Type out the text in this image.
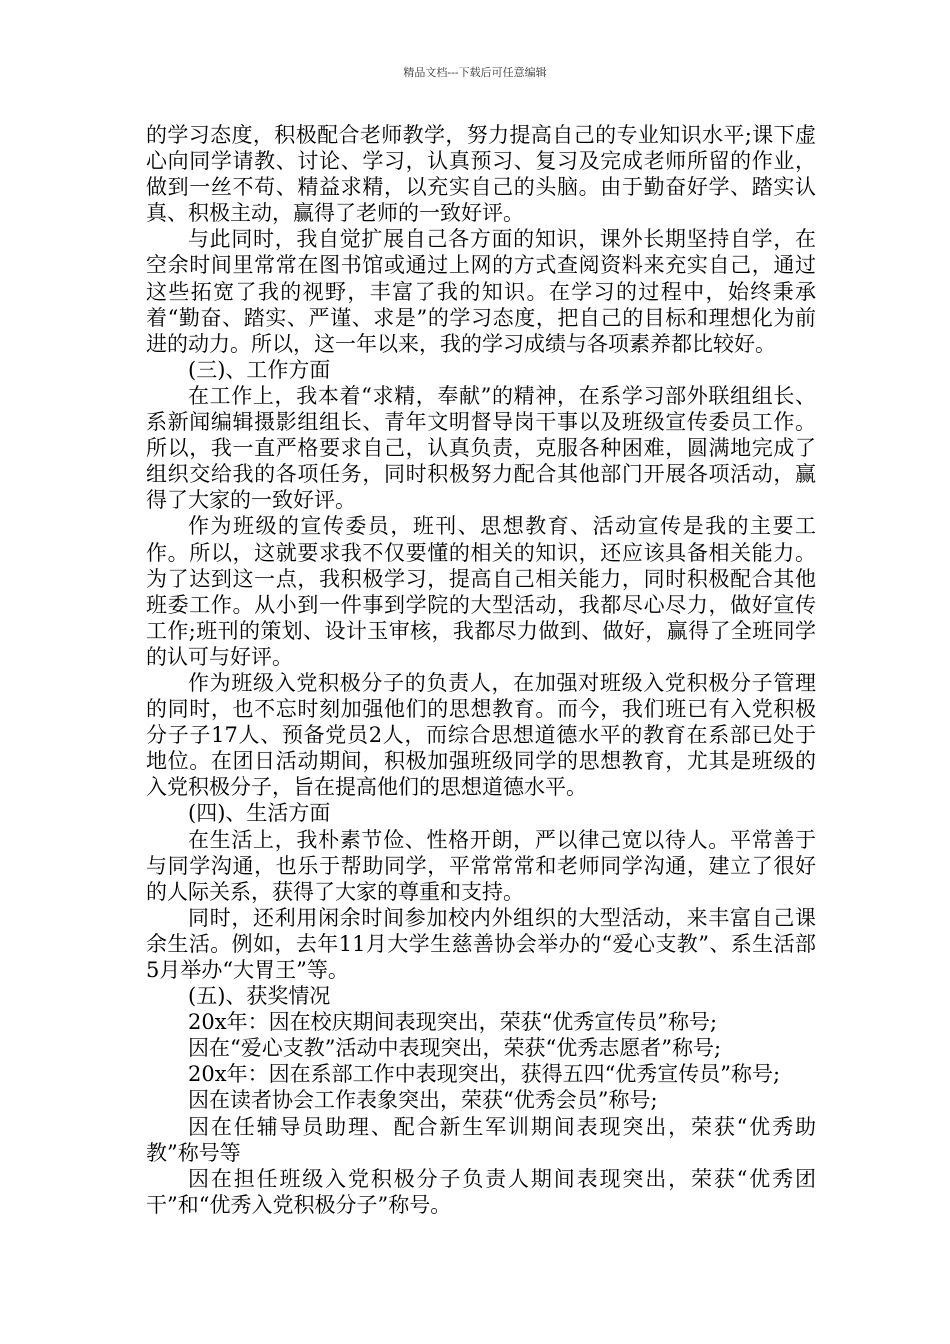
精品文档---下载后可任意编辑

的学习态度，积极配合老师教学，努力提高自己的专业知识水平;课下虚心向同学请教、讨论、学习，认真预习、复习及完成老师所留的作业，做到一丝不苟、精益求精，以充实自己的头脑。由于勤奋好学、踏实认真、积极主动，赢得了老师的一致好评。

与此同时，我自觉扩展自己各方面的知识，课外长期坚持自学，在空余时间里常常在图书馆或通过上网的方式查阅资料来充实自己，通过这些拓宽了我的视野，丰富了我的知识。在学习的过程中，始终秉承着“勤奋、踏实、严谨、求是”的学习态度，把自己的目标和理想化为前进的动力。所以，这一年以来，我的学习成绩与各项素养都比较好。

(三)、工作方面

在工作上，我本着“求精，奉献”的精神，在系学习部外联组组长、系新闻编辑摄影组组长、青年文明督导岗干事以及班级宣传委员工作。所以，我一直严格要求自己，认真负责，克服各种困难，圆满地完成了组织交给我的各项任务，同时积极努力配合其他部门开展各项活动，赢得了大家的一致好评。

作为班级的宣传委员，班刊、思想教育、活动宣传是我的主要工作。所以，这就要求我不仅要懂的相关的知识，还应该具备相关能力。为了达到这一点，我积极学习，提高自己相关能力，同时积极配合其他班委工作。从小到一件事到学院的大型活动，我都尽心尽力，做好宣传工作;班刊的策划、设计玉审核，我都尽力做到、做好，赢得了全班同学的认可与好评。

作为班级入党积极分子的负责人，在加强对班级入党积极分子管理的同时，也不忘时刻加强他们的思想教育。而今，我们班已有入党积极分子子17人、预备党员2人，而综合思想道德水平的教育在系部已处于地位。在团日活动期间，积极加强班级同学的思想教育，尤其是班级的入党积极分子，旨在提高他们的思想道德水平。

(四)、生活方面

在生活上，我朴素节俭、性格开朗，严以律己宽以待人。平常善于与同学沟通，也乐于帮助同学，平常常常和老师同学沟通，建立了很好的人际关系，获得了大家的尊重和支持。

同时，还利用闲余时间参加校内外组织的大型活动，来丰富自己课余生活。例如，去年11月大学生慈善协会举办的“爱心支教”、系生活部5月举办“大胃王”等。

(五)、获奖情况

20x年：因在校庆期间表现突出，荣获“优秀宣传员”称号;

因在“爱心支教”活动中表现突出，荣获“优秀志愿者”称号;

20x年：因在系部工作中表现突出，获得五四“优秀宣传员”称号;

因在读者协会工作表象突出，荣获“优秀会员”称号;

因在任辅导员助理、配合新生军训期间表现突出，荣获“优秀助教”称号等

因在担任班级入党积极分子负责人期间表现突出，荣获“优秀团干”和“优秀入党积极分子”称号。
